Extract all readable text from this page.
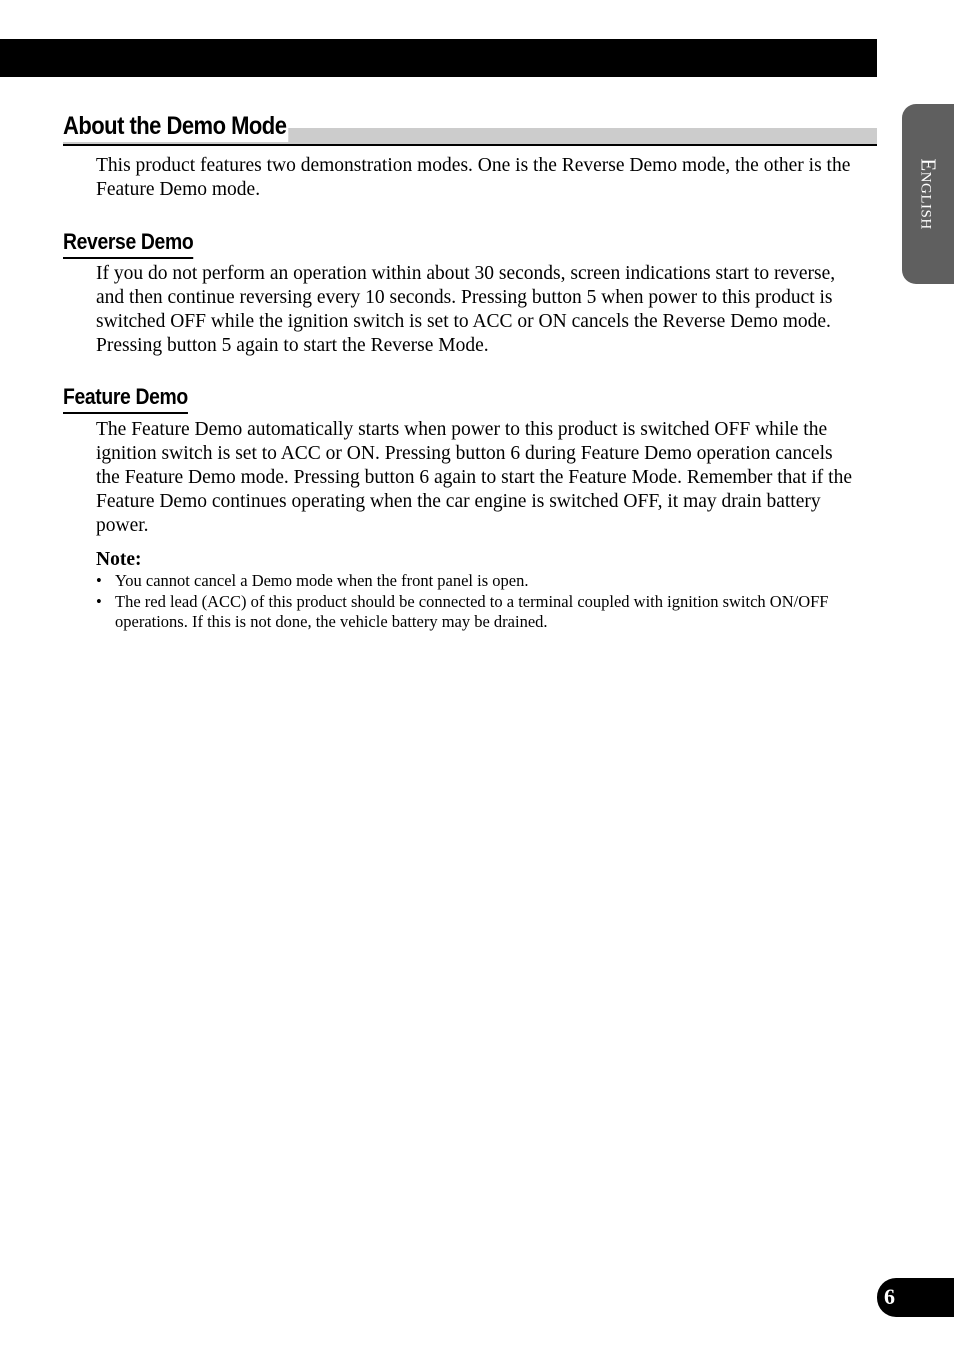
English
About the Demo Mode

This product features two demonstration modes. One is the Reverse Demo mode, the other is the Feature Demo mode.

Reverse Demo

If you do not perform an operation within about 30 seconds, screen indications start to reverse, and then continue reversing every 10 seconds. Pressing button 5 when power to this product is switched OFF while the ignition switch is set to ACC or ON cancels the Reverse Demo mode. Pressing button 5 again to start the Reverse Mode.

Feature Demo

The Feature Demo automatically starts when power to this product is switched OFF while the ignition switch is set to ACC or ON. Pressing button 6 during Feature Demo operation cancels the Feature Demo mode. Pressing button 6 again to start the Feature Mode. Remember that if the Feature Demo continues operating when the car engine is switched OFF, it may drain battery power.

Note:

• You cannot cancel a Demo mode when the front panel is open.
• The red lead (ACC) of this product should be connected to a terminal coupled with ignition switch ON/OFF operations. If this is not done, the vehicle battery may be drained.
6
